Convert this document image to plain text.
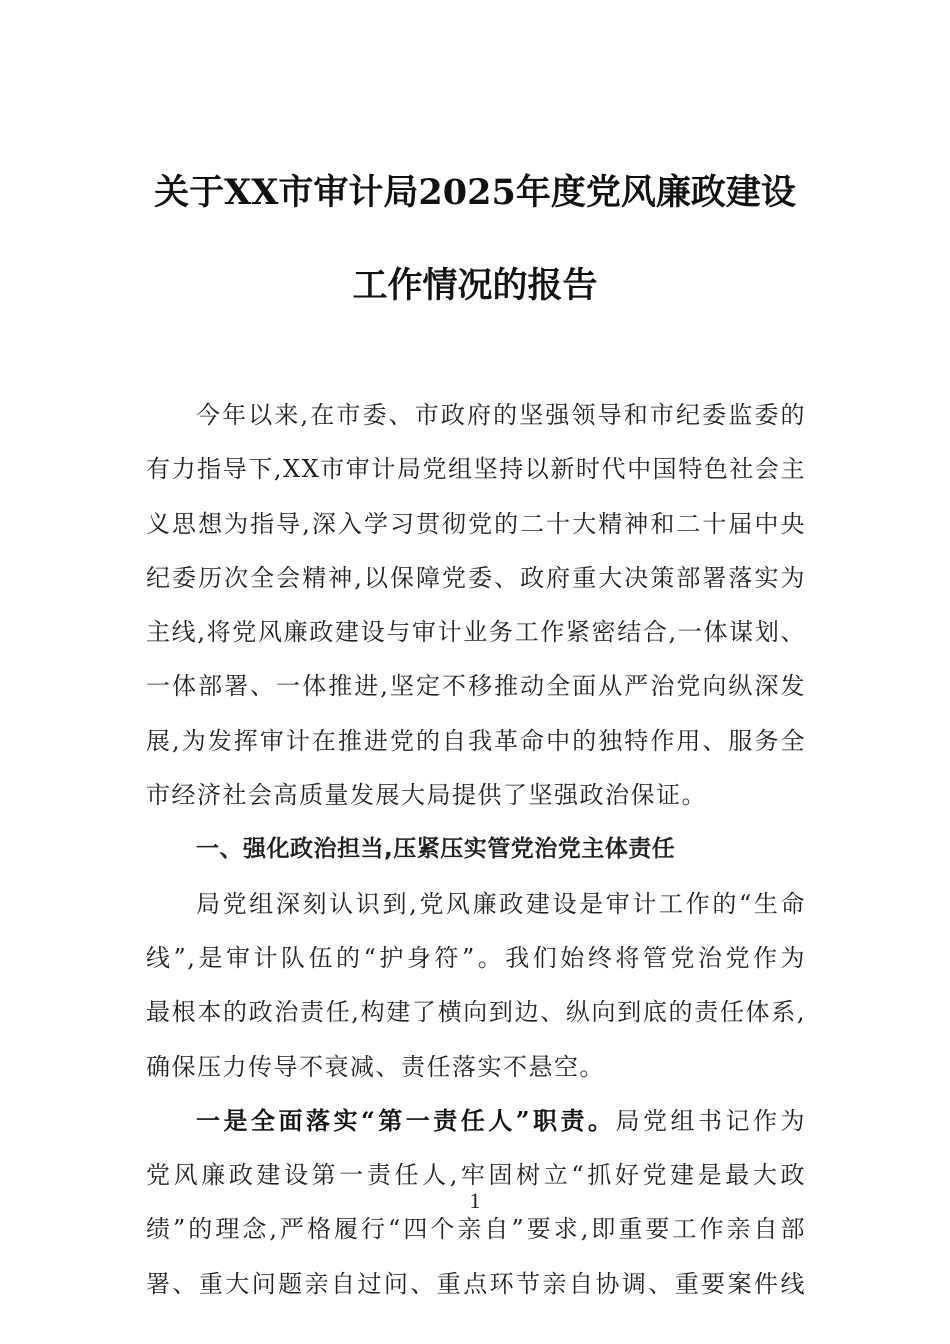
关于XX市审计局2025年度党风廉政建设
工作情况的报告
今年以来,在市委、市政府的坚强领导和市纪委监委的
有力指导下,XX市审计局党组坚持以新时代中国特色社会主
义思想为指导,深入学习贯彻党的二十大精神和二十届中央
纪委历次全会精神,以保障党委、政府重大决策部署落实为
主线,将党风廉政建设与审计业务工作紧密结合,一体谋划、
一体部署、一体推进,坚定不移推动全面从严治党向纵深发
展,为发挥审计在推进党的自我革命中的独特作用、服务全
市经济社会高质量发展大局提供了坚强政治保证。
一、强化政治担当,压紧压实管党治党主体责任
局党组深刻认识到,党风廉政建设是审计工作的“生命
线”,是审计队伍的“护身符”。我们始终将管党治党作为
最根本的政治责任,构建了横向到边、纵向到底的责任体系,
确保压力传导不衰减、责任落实不悬空。
一是全面落实“第一责任人”职责。局党组书记作为
党风廉政建设第一责任人,牢固树立“抓好党建是最大政
绩”的理念,严格履行“四个亲自”要求,即重要工作亲自部
署、重大问题亲自过问、重点环节亲自协调、重要案件线
1
